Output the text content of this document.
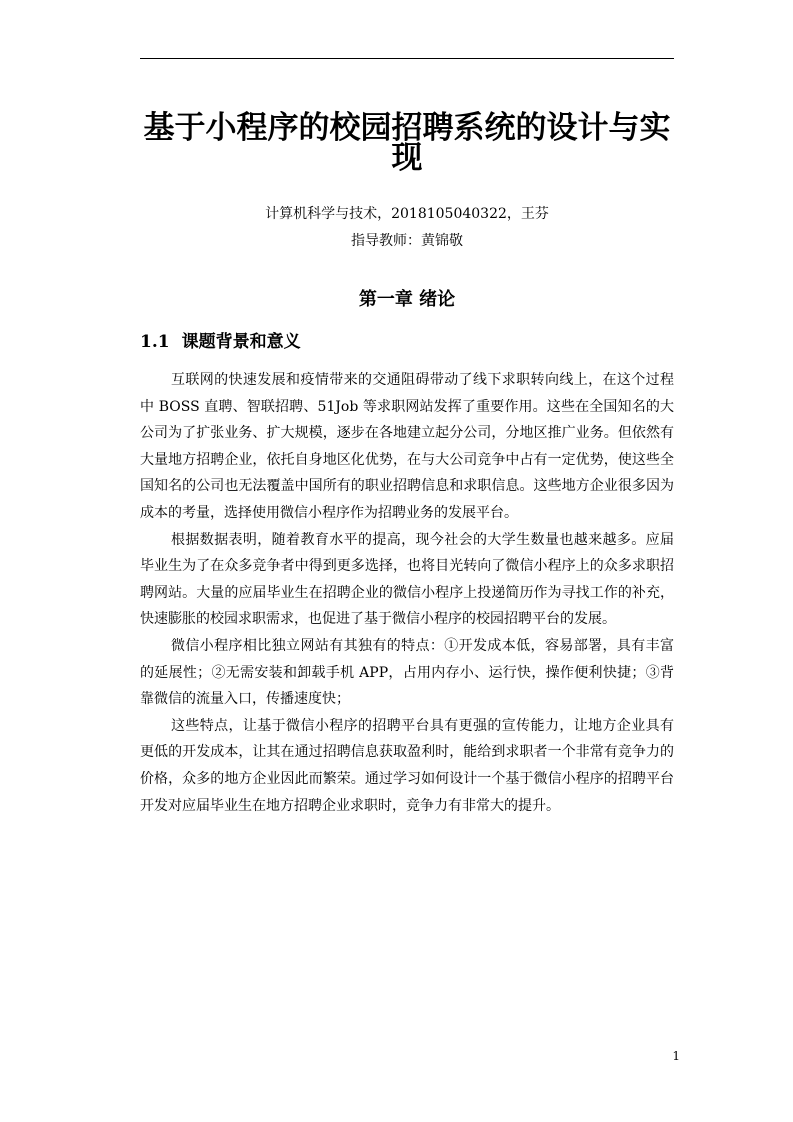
基于小程序的校园招聘系统的设计与实现
计算机科学与技术，2018105040322，王芬
指导教师：黄锦敬
第一章 绪论
1.1 课题背景和意义

互联网的快速发展和疫情带来的交通阻碍带动了线下求职转向线上，在这个过程中 BOSS 直聘、智联招聘、51Job 等求职网站发挥了重要作用。这些在全国知名的大公司为了扩张业务、扩大规模，逐步在各地建立起分公司，分地区推广业务。但依然有大量地方招聘企业，依托自身地区化优势，在与大公司竞争中占有一定优势，使这些全国知名的公司也无法覆盖中国所有的职业招聘信息和求职信息。这些地方企业很多因为成本的考量，选择使用微信小程序作为招聘业务的发展平台。

根据数据表明，随着教育水平的提高，现今社会的大学生数量也越来越多。应届毕业生为了在众多竞争者中得到更多选择，也将目光转向了微信小程序上的众多求职招聘网站。大量的应届毕业生在招聘企业的微信小程序上投递简历作为寻找工作的补充，快速膨胀的校园求职需求，也促进了基于微信小程序的校园招聘平台的发展。

微信小程序相比独立网站有其独有的特点：①开发成本低，容易部署，具有丰富的延展性；②无需安装和卸载手机 APP，占用内存小、运行快，操作便利快捷；③背靠微信的流量入口，传播速度快；

这些特点，让基于微信小程序的招聘平台具有更强的宣传能力，让地方企业具有更低的开发成本，让其在通过招聘信息获取盈利时，能给到求职者一个非常有竞争力的价格，众多的地方企业因此而繁荣。通过学习如何设计一个基于微信小程序的招聘平台开发对应届毕业生在地方招聘企业求职时，竞争力有非常大的提升。

1
